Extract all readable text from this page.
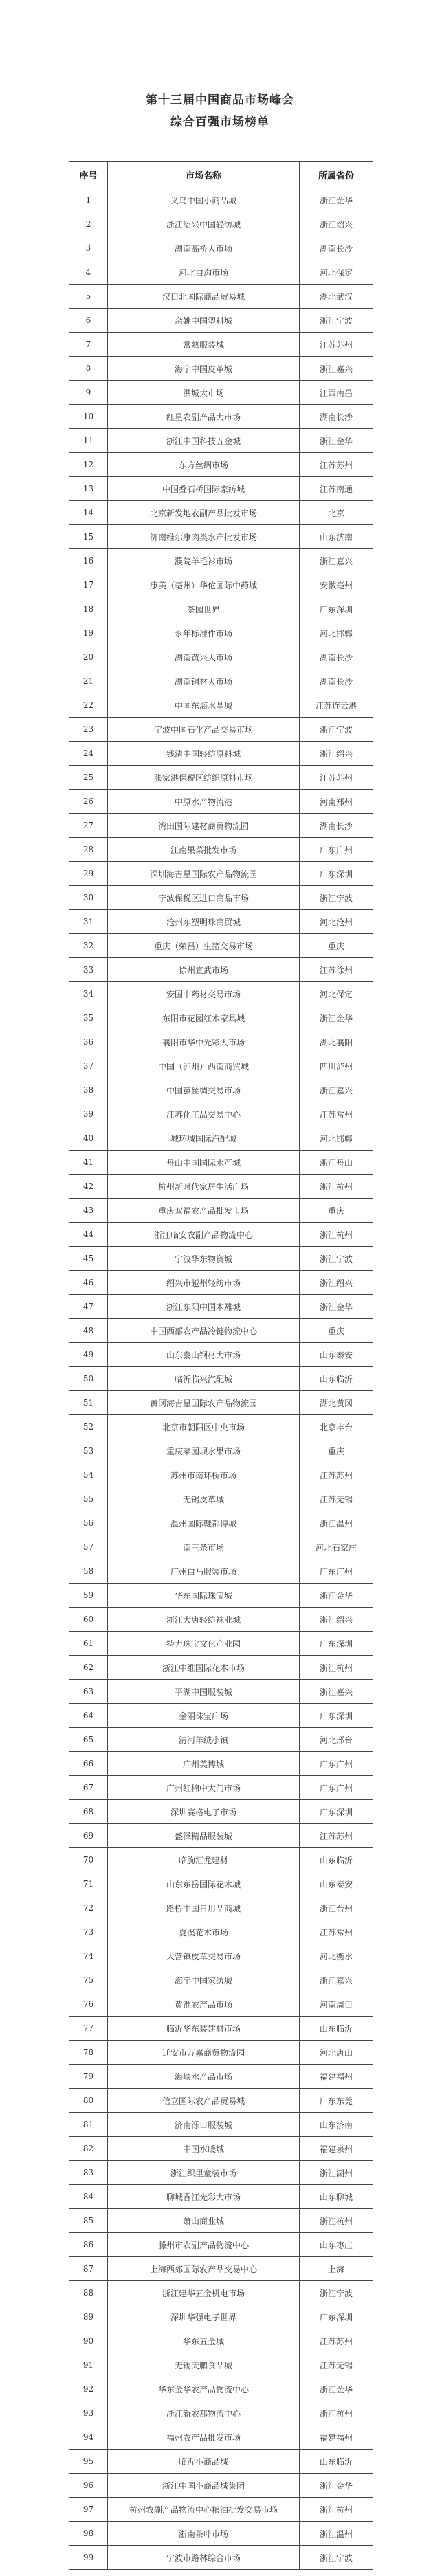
第十三届中国商品市场峰会
综合百强市场榜单
序号	市场名称	所属省份
1	义乌中国小商品城	浙江金华
2	浙江绍兴中国轻纺城	浙江绍兴
3	湖南高桥大市场	湖南长沙
4	河北白沟市场	河北保定
5	汉口北国际商品贸易城	湖北武汉
6	余姚中国塑料城	浙江宁波
7	常熟服装城	江苏苏州
8	海宁中国皮革城	浙江嘉兴
9	洪城大市场	江西南昌
10	红星农副产品大市场	湖南长沙
11	浙江中国科技五金城	浙江金华
12	东方丝绸市场	江苏苏州
13	中国叠石桥国际家纺城	江苏南通
14	北京新发地农副产品批发市场	北京
15	济南维尔康肉类水产批发市场	山东济南
16	濮院羊毛衫市场	浙江嘉兴
17	康美（亳州）华佗国际中药城	安徽亳州
18	茶园世界	广东深圳
19	永年标准件市场	河北邯郸
20	湖南黄兴大市场	湖南长沙
21	湖南铜材大市场	湖南长沙
22	中国东海水晶城	江苏连云港
23	宁波中国石化产品交易市场	浙江宁波
24	钱清中国轻纺原料城	浙江绍兴
25	张家港保税区纺织原料市场	江苏苏州
26	中原水产物流港	河南郑州
27	湾田国际建材商贸物流园	湖南长沙
28	江南果菜批发市场	广东广州
29	深圳海吉星国际农产品物流园	广东深圳
30	宁波保税区进口商品市场	浙江宁波
31	沧州东塑明珠商贸城	河北沧州
32	重庆（荣昌）生猪交易市场	重庆
33	徐州宣武市场	江苏徐州
34	安国中药材交易市场	河北保定
35	东阳市花园红木家具城	浙江金华
36	襄阳市华中光彩大市场	湖北襄阳
37	中国（泸州）西南商贸城	四川泸州
38	中国茧丝绸交易市场	浙江嘉兴
39	江苏化工品交易中心	江苏常州
40	城环城国际汽配城	河北邯郸
41	舟山中国国际水产城	浙江舟山
42	杭州新时代家居生活广场	浙江杭州
43	重庆双福农产品批发市场	重庆
44	浙江临安农副产品物流中心	浙江杭州
45	宁波华东物资城	浙江宁波
46	绍兴市越州轻纺市场	浙江绍兴
47	浙江东阳中国木雕城	浙江金华
48	中国西部农产品冷链物流中心	重庆
49	山东泰山钢材大市场	山东泰安
50	临沂临兴汽配城	山东临沂
51	黄冈海吉星国际农产品物流园	湖北黄冈
52	北京市朝阳区中央市场	北京丰台
53	重庆菜园坝水果市场	重庆
54	苏州市南环桥市场	江苏苏州
55	无锡皮革城	江苏无锡
56	温州国际鞋都博城	浙江温州
57	南三条市场	河北石家庄
58	广州白马服装市场	广东广州
59	华东国际珠宝城	浙江金华
60	浙江大唐轻纺袜业城	浙江绍兴
61	特力珠宝文化产业园	广东深圳
62	浙江中维国际花木市场	浙江杭州
63	平湖中国服装城	浙江嘉兴
64	金丽珠宝广场	广东深圳
65	清河羊绒小镇	河北邢台
66	广州美博城	广东广州
67	广州红棉中大门市场	广东广州
68	深圳赛格电子市场	广东深圳
69	盛泽精品服装城	江苏苏州
70	临朐汇龙建材	山东临沂
71	山东东岳国际花木城	山东泰安
72	路桥中国日用品商城	浙江台州
73	夏溪花木市场	江苏常州
74	大营镇皮草交易市场	河北衡水
75	海宁中国家纺城	浙江嘉兴
76	黄淮农产品市场	河南周口
77	临沂华东装建材市场	山东临沂
78	迁安市万嘉商贸物流园	河北唐山
79	海峡水产品市场	福建福州
80	信立国际农产品贸易城	广东东莞
81	济南泺口服装城	山东济南
82	中国水暖城	福建泉州
83	浙江织里童装市场	浙江湖州
84	聊城香江光彩大市场	山东聊城
85	萧山商业城	浙江杭州
86	滕州市农副产品物流中心	山东枣庄
87	上海西郊国际农产品交易中心	上海
88	浙江建华五金机电市场	浙江宁波
89	深圳华强电子世界	广东深圳
90	华东五金城	江苏苏州
91	无锡天鹏食品城	江苏无锡
92	华东金华农产品物流中心	浙江金华
93	浙江新农都物流中心	浙江杭州
94	福州农产品批发市场	福建福州
95	临沂小商品城	山东临沂
96	浙江中国小商品城集团	浙江金华
97	杭州农副产品物流中心粮油批发交易市场	浙江杭州
98	浙南茶叶市场	浙江温州
99	宁波市路林综合市场	浙江宁波
